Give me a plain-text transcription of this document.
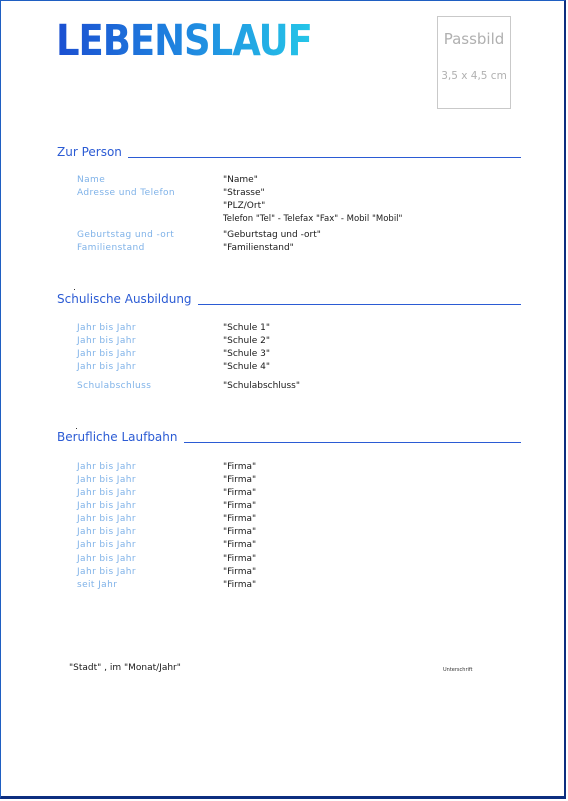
LEBENSLAUF	Passbild
3,5 x 4,5 cm
Zur Person
Name	"Name"
Adresse und Telefon	"Strasse"
"PLZ/Ort"
Telefon "Tel" - Telefax "Fax" - Mobil "Mobil"
Geburtstag und -ort	"Geburtstag und -ort"
Familienstand	"Familienstand"
Schulische Ausbildung
Jahr bis Jahr	"Schule 1"
Jahr bis Jahr	"Schule 2"
Jahr bis Jahr	"Schule 3"
Jahr bis Jahr	"Schule 4"
Schulabschluss	"Schulabschluss"
Berufliche Laufbahn
Jahr bis Jahr	"Firma"
Jahr bis Jahr	"Firma"
Jahr bis Jahr	"Firma"
Jahr bis Jahr	"Firma"
Jahr bis Jahr	"Firma"
Jahr bis Jahr	"Firma"
Jahr bis Jahr	"Firma"
Jahr bis Jahr	"Firma"
Jahr bis Jahr	"Firma"
seit Jahr	"Firma"
"Stadt" , im "Monat/Jahr"	Unterschrift
